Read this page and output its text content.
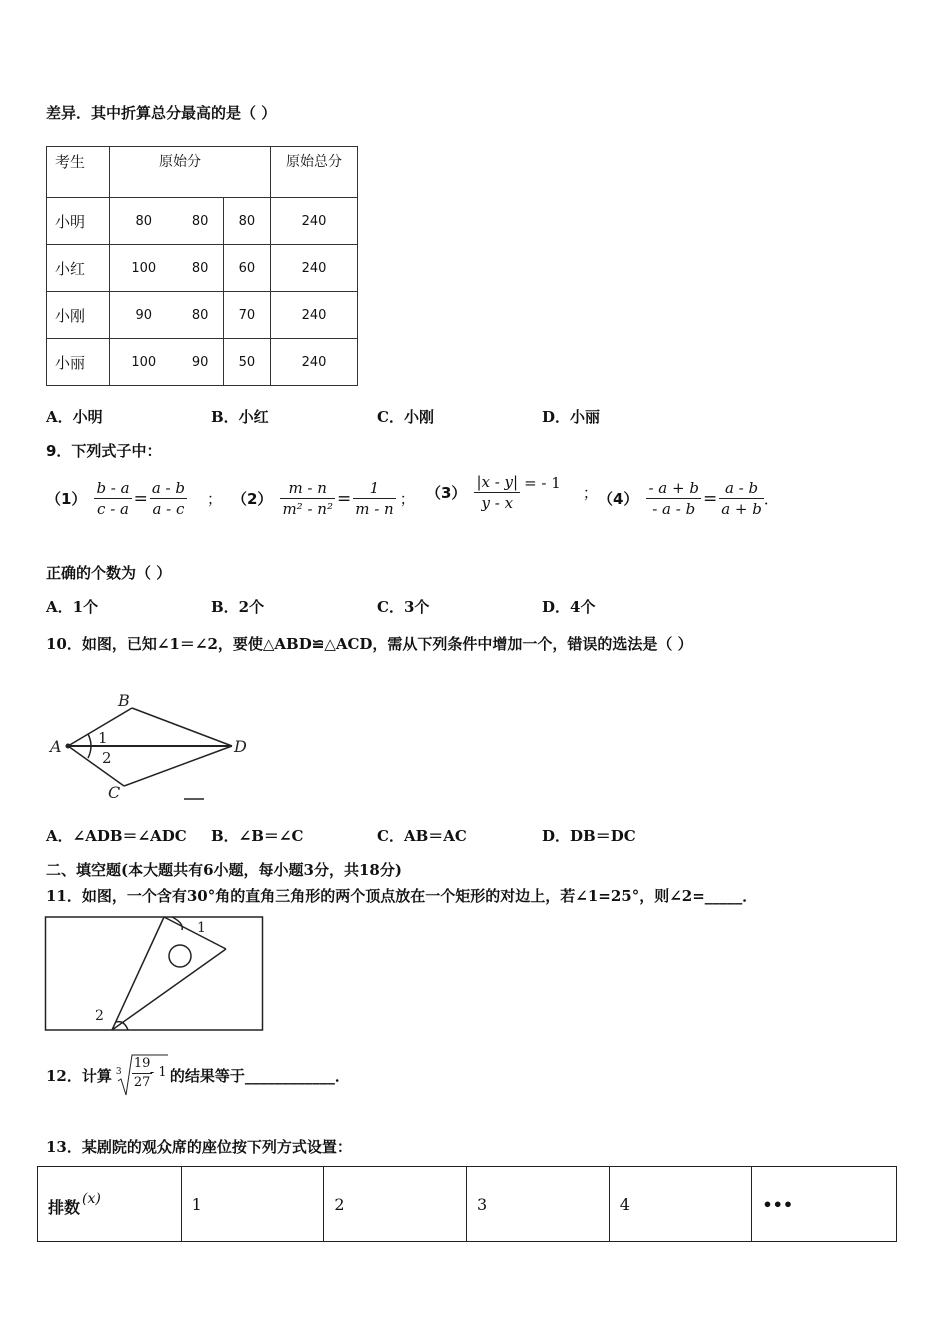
差异．其中折算总分最高的是（ ）
考生	原始分			原始总分
小明	80	80	80	240
小红	100	80	60	240
小刚	90	80	70	240
小丽	100	90	50	240
A．小明	B．小红	C．小刚	D．小丽
9．下列式子中：
$(1) \frac{b - a}{c - a} = \frac{a - b}{a - c}$ ； $(2) \frac{m - n}{\text{m² - n²}} = \frac{1}{m - n}$ ； $(3) \frac{|x - y|}{y - x}$ = - 1
； $(4) \frac{- a + b}{- a - b} = \frac{a - b}{a + b}$ ．
正确的个数为（ ）
A．1个	B．2个	C．3个	D．4个
10．如图，已知∠1＝∠2，要使△ABD≌△ACD，需从下列条件中增加一个，错误的选法是（ ）
A
B
C
D
1
2
A．∠ADB＝∠ADC B．∠B＝∠C	C．AB＝AC	D．DB＝DC
二、填空题(本大题共有6小题，每小题3分，共18分)
11．如图，一个含有30°角的直角三角形的两个顶点放在一个矩形的对边上，若∠1=25°，则∠2=_____．
1
2
12．计算 $3 \frac{19}{27}$
- 1 的结果等于____________．
13．某剧院的观众席的座位按下列方式设置：
排数 (x)	1	2	3	4	•••
